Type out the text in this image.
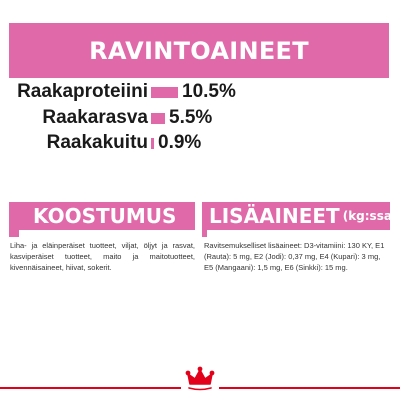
RAVINTOAINEET
Raakaproteiini 10.5%
Raakarasva 5.5%
Raakakuitu 0.9%
KOOSTUMUS
Liha- ja eläinperäiset tuotteet, viljat, öljyt ja rasvat, kasviperäiset tuotteet, maito ja maitotuotteet, kivennäisaineet, hiivat, sokerit.
LISÄAINEET (kg:ssa)
Ravitsemukselliset lisäaineet: D3-vitamiini: 130 KY, E1 (Rauta): 5 mg, E2 (Jodi): 0,37 mg, E4 (Kupari): 3 mg, E5 (Mangaani): 1,5 mg, E6 (Sinkki): 15 mg.
